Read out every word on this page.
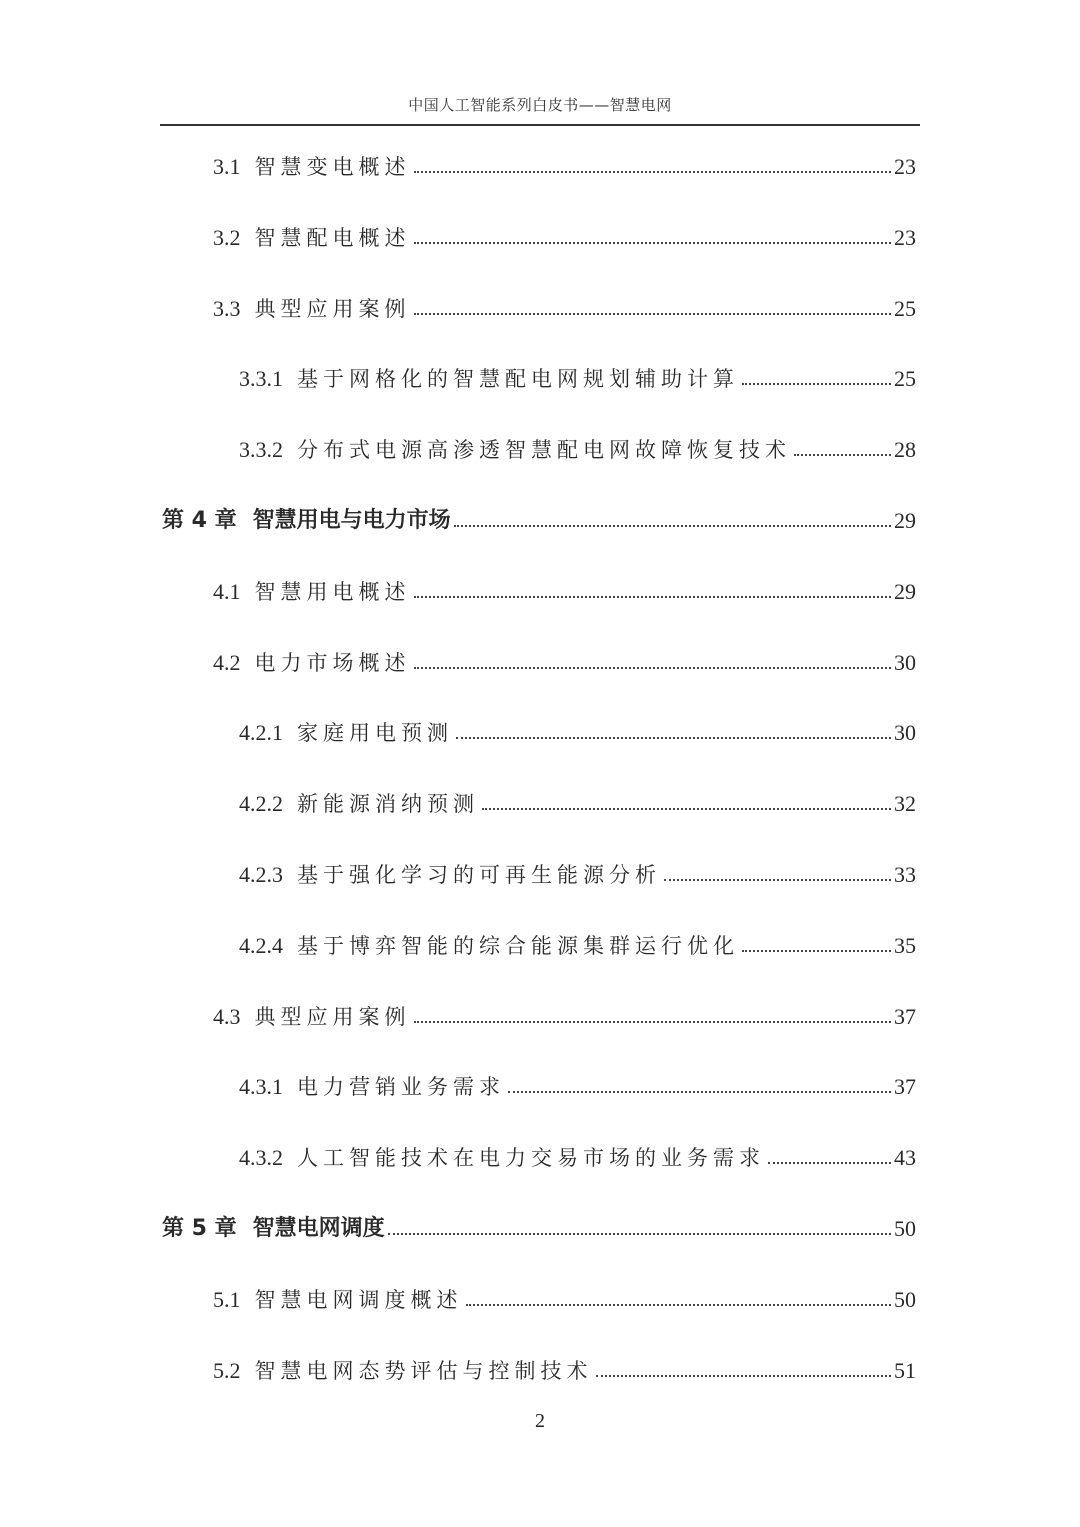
中国人工智能系列白皮书——智慧电网
3.1 智慧变电概述	23
3.2 智慧配电概述	23
3.3 典型应用案例	25
3.3.1 基于网格化的智慧配电网规划辅助计算	25
3.3.2 分布式电源高渗透智慧配电网故障恢复技术	28
第 4 章 智慧用电与电力市场	29
4.1 智慧用电概述	29
4.2 电力市场概述	30
4.2.1 家庭用电预测	30
4.2.2 新能源消纳预测	32
4.2.3 基于强化学习的可再生能源分析	33
4.2.4 基于博弈智能的综合能源集群运行优化	35
4.3 典型应用案例	37
4.3.1 电力营销业务需求	37
4.3.2 人工智能技术在电力交易市场的业务需求	43
第 5 章 智慧电网调度	50
5.1 智慧电网调度概述	50
5.2 智慧电网态势评估与控制技术	51
2
